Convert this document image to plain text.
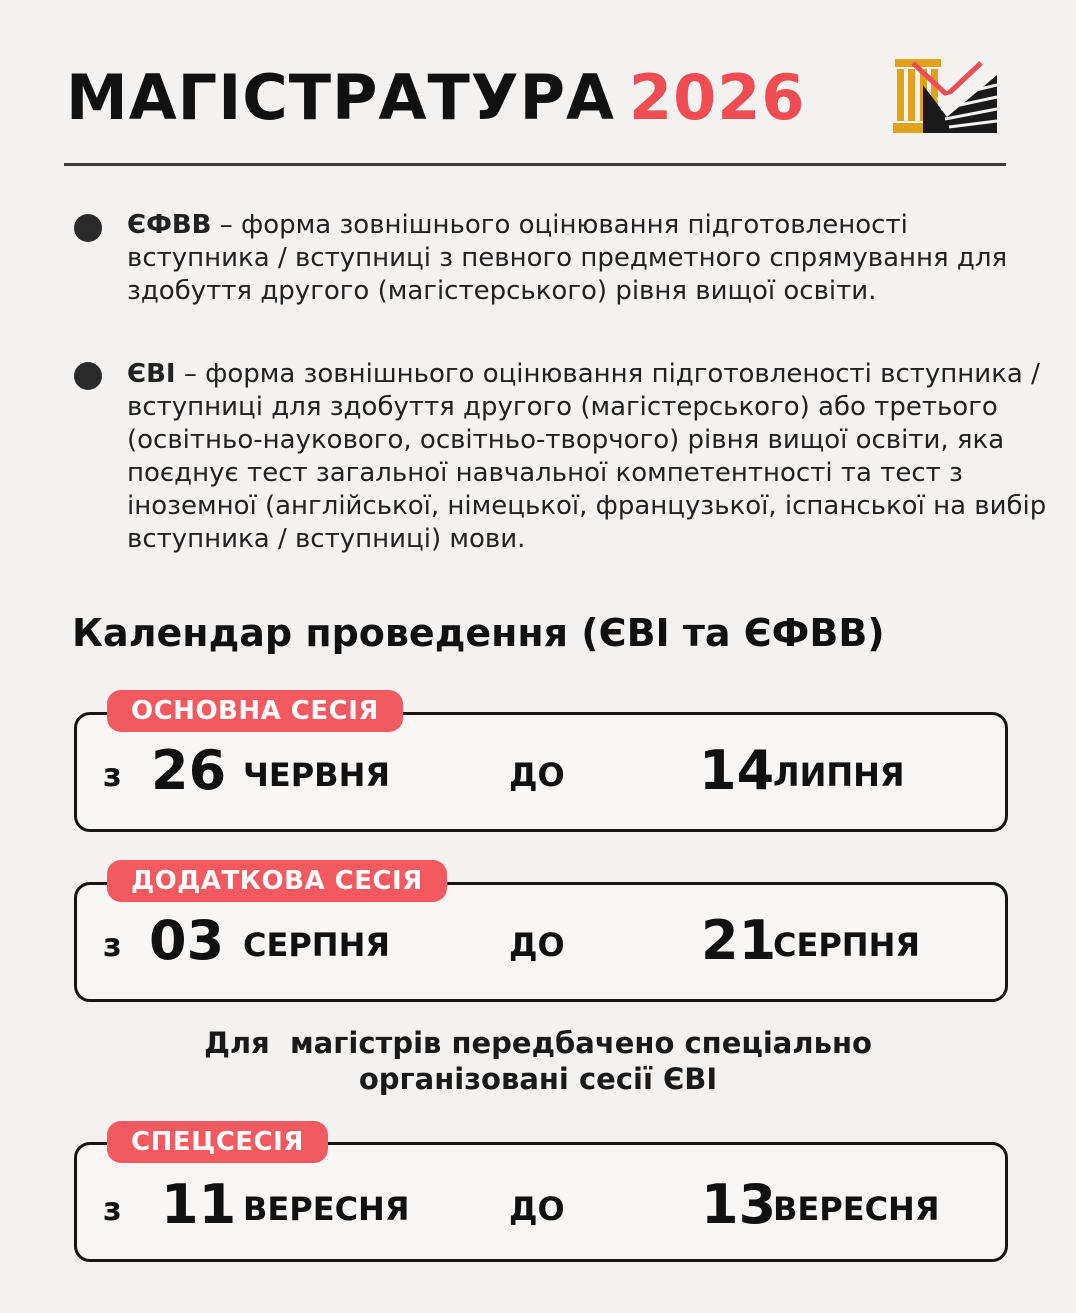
МАГІСТРАТУРА 2026
ЄФВВ – форма зовнішнього оцінювання підготовленості вступника / вступниці з певного предметного спрямування для здобуття другого (магістерського) рівня вищої освіти.
ЄВІ – форма зовнішнього оцінювання підготовленості вступника / вступниці для здобуття другого (магістерського) або третього (освітньо-наукового, освітньо-творчого) рівня вищої освіти, яка поєднує тест загальної навчальної компетентності та тест з іноземної (англійської, німецької, французької, іспанської на вибір вступника / вступниці) мови.
Календар проведення (ЄВІ та ЄФВВ)
з 26 ЧЕРВНЯ	ДО 14
ЛИПНЯ
ОСНОВНА СЕСІЯ
з 03 СЕРПНЯ	ДО	21
СЕРПНЯ
ДОДАТКОВА СЕСІЯ
Для  магістрів передбачено спеціально
організовані сесії ЄВІ
з 11 ВЕРЕСНЯ	ДО	13
ВЕРЕСНЯ
СПЕЦСЕСІЯ
